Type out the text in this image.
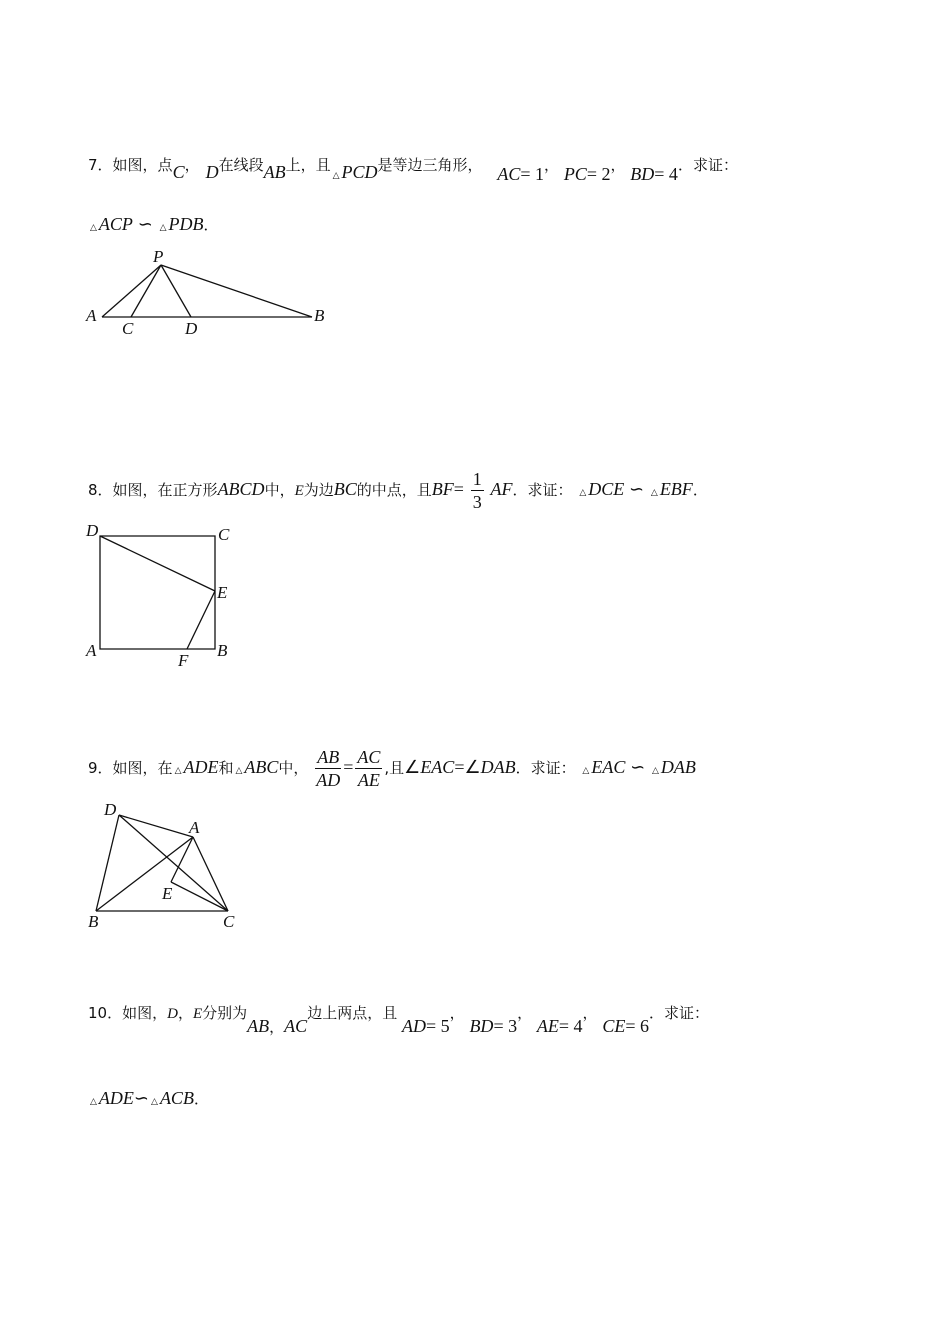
7．如图，点C， D在线段AB上，且△ PCD是等边三角形， AC= 1， PC= 2， BD= 4．求证：
△ ACP ∽ △ PDB．
P
A
C	D
B
8．如图，在正方形ABCD中，E为边BC的中点，且$BF= \frac{1}{3}$ AF．求证： △ DCE ∽ △ EBF．
D	C
E
A
F
B
9．如图，在 △ ADE和 △ ABC中， $\frac{AB}{AD} = \frac{AC}{AE}$ ,且∠EAC=∠DAB．求证： △ EAC ∽ △ DAB
D
A
E
B	C
10．如图，D，E分别为AB，AC边上两点，且 AD= 5， BD= 3， AE= 4， CE= 6．求证：
△ ADE∽ △ ACB．
